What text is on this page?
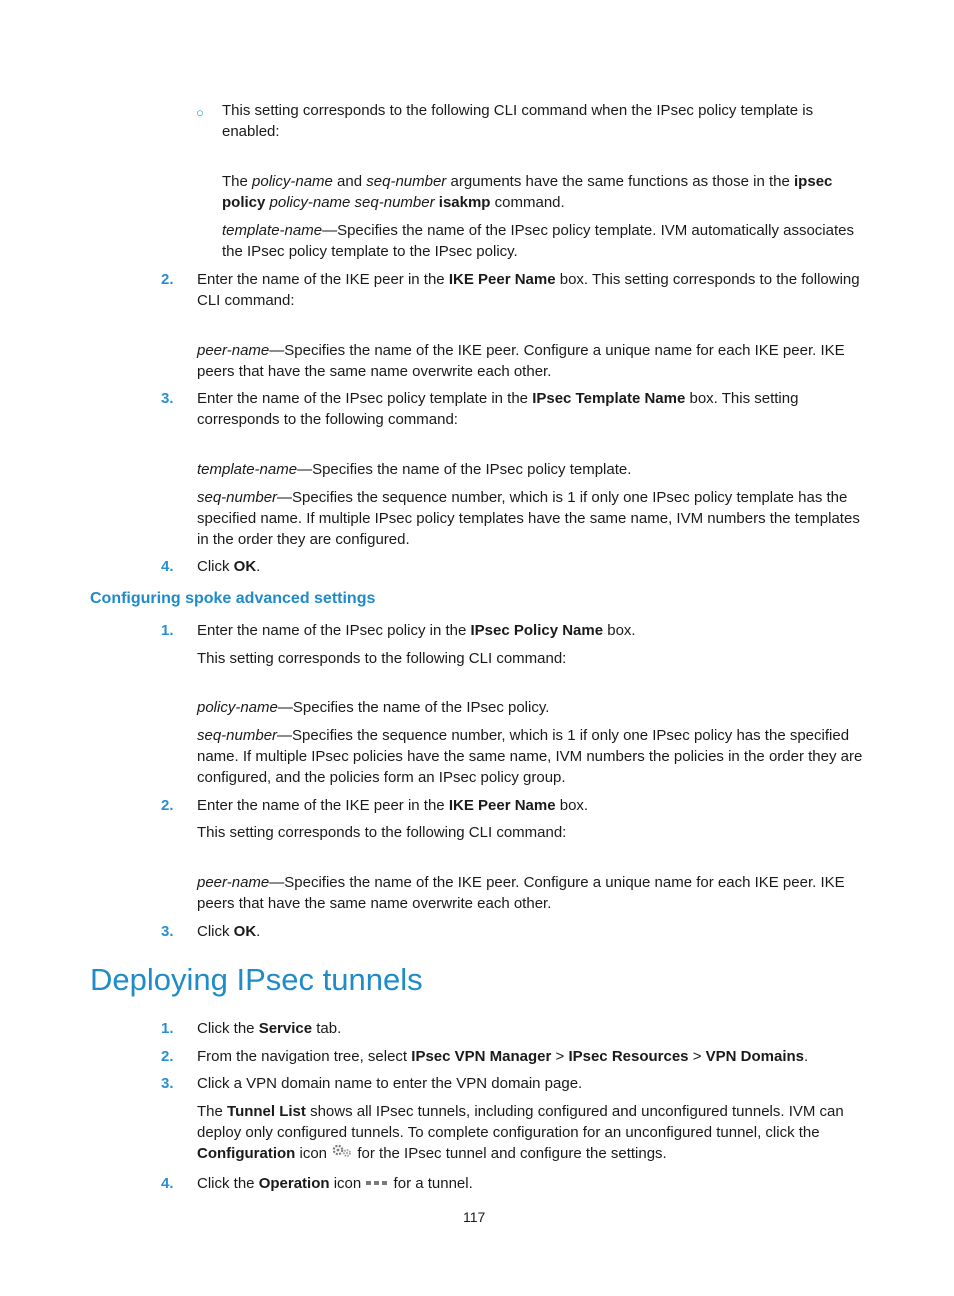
○ This setting corresponds to the following CLI command when the IPsec policy template is enabled:
The policy-name and seq-number arguments have the same functions as those in the ipsec policy policy-name seq-number isakmp command.
template-name—Specifies the name of the IPsec policy template. IVM automatically associates the IPsec policy template to the IPsec policy.
2. Enter the name of the IKE peer in the IKE Peer Name box. This setting corresponds to the following CLI command:
peer-name—Specifies the name of the IKE peer. Configure a unique name for each IKE peer. IKE peers that have the same name overwrite each other.
3. Enter the name of the IPsec policy template in the IPsec Template Name box. This setting corresponds to the following command:
template-name—Specifies the name of the IPsec policy template.
seq-number—Specifies the sequence number, which is 1 if only one IPsec policy template has the specified name. If multiple IPsec policy templates have the same name, IVM numbers the templates in the order they are configured.
4. Click OK.
Configuring spoke advanced settings
1. Enter the name of the IPsec policy in the IPsec Policy Name box.
This setting corresponds to the following CLI command:
policy-name—Specifies the name of the IPsec policy.
seq-number—Specifies the sequence number, which is 1 if only one IPsec policy has the specified name. If multiple IPsec policies have the same name, IVM numbers the policies in the order they are configured, and the policies form an IPsec policy group.
2. Enter the name of the IKE peer in the IKE Peer Name box.
This setting corresponds to the following CLI command:
peer-name—Specifies the name of the IKE peer. Configure a unique name for each IKE peer. IKE peers that have the same name overwrite each other.
3. Click OK.
Deploying IPsec tunnels
1. Click the Service tab.
2. From the navigation tree, select IPsec VPN Manager > IPsec Resources > VPN Domains.
3. Click a VPN domain name to enter the VPN domain page.
The Tunnel List shows all IPsec tunnels, including configured and unconfigured tunnels. IVM can deploy only configured tunnels. To complete configuration for an unconfigured tunnel, click the Configuration icon  for the IPsec tunnel and configure the settings.
4. Click the Operation icon  for a tunnel.
117
